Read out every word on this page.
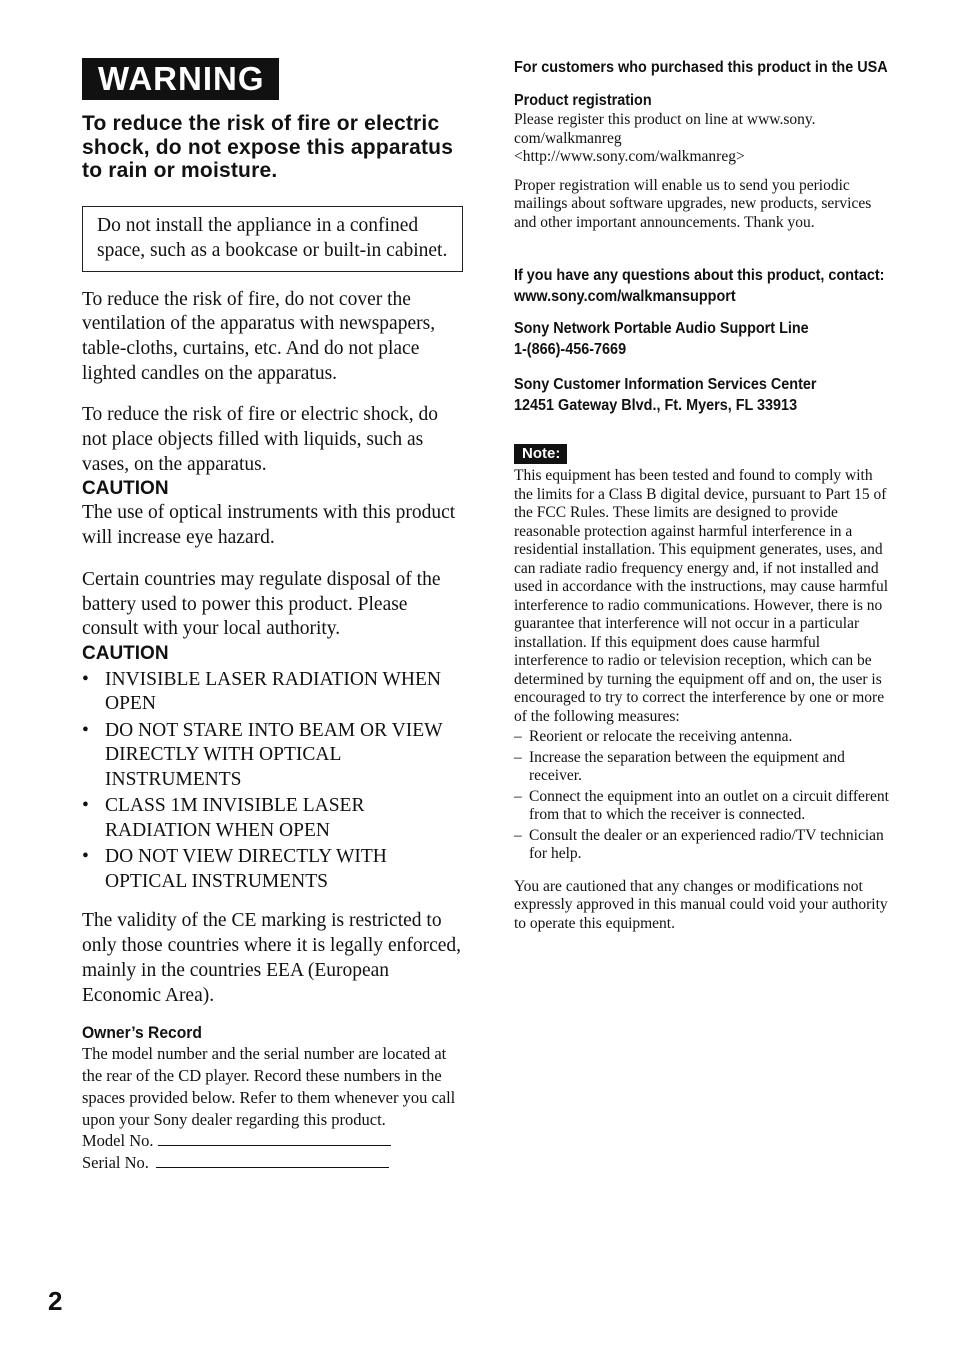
WARNING

To reduce the risk of fire or electric shock, do not expose this apparatus to rain or moisture.

Do not install the appliance in a confined space, such as a bookcase or built-in cabinet.

To reduce the risk of fire, do not cover the ventilation of the apparatus with newspapers, table-cloths, curtains, etc. And do not place lighted candles on the apparatus.

To reduce the risk of fire or electric shock, do not place objects filled with liquids, such as vases, on the apparatus.

CAUTION

The use of optical instruments with this product will increase eye hazard.

Certain countries may regulate disposal of the battery used to power this product. Please consult with your local authority.

CAUTION

• INVISIBLE LASER RADIATION WHEN OPEN
• DO NOT STARE INTO BEAM OR VIEW DIRECTLY WITH OPTICAL INSTRUMENTS
• CLASS 1M INVISIBLE LASER RADIATION WHEN OPEN
• DO NOT VIEW DIRECTLY WITH OPTICAL INSTRUMENTS

The validity of the CE marking is restricted to only those countries where it is legally enforced, mainly in the countries EEA (European Economic Area).

Owner’s Record

The model number and the serial number are located at the rear of the CD player. Record these numbers in the spaces provided below. Refer to them whenever you call upon your Sony dealer regarding this product.

Model No.

Serial No.

2

For customers who purchased this product in the USA

Product registration

Please register this product on line at www.sony.

com/walkmanreg

<http://www.sony.com/walkmanreg>

Proper registration will enable us to send you periodic mailings about software upgrades, new products, services and other important announcements. Thank you.

If you have any questions about this product, contact:

www.sony.com/walkmansupport

Sony Network Portable Audio Support Line

1-(866)-456-7669

Sony Customer Information Services Center

12451 Gateway Blvd., Ft. Myers, FL 33913

Note:

This equipment has been tested and found to comply with the limits for a Class B digital device, pursuant to Part 15 of the FCC Rules. These limits are designed to provide reasonable protection against harmful interference in a residential installation. This equipment generates, uses, and can radiate radio frequency energy and, if not installed and used in accordance with the instructions, may cause harmful interference to radio communications. However, there is no guarantee that interference will not occur in a particular installation. If this equipment does cause harmful interference to radio or television reception, which can be determined by turning the equipment off and on, the user is encouraged to try to correct the interference by one or more of the following measures:

– Reorient or relocate the receiving antenna.
– Increase the separation between the equipment and receiver.
– Connect the equipment into an outlet on a circuit different from that to which the receiver is connected.
– Consult the dealer or an experienced radio/TV technician for help.

You are cautioned that any changes or modifications not expressly approved in this manual could void your authority to operate this equipment.
